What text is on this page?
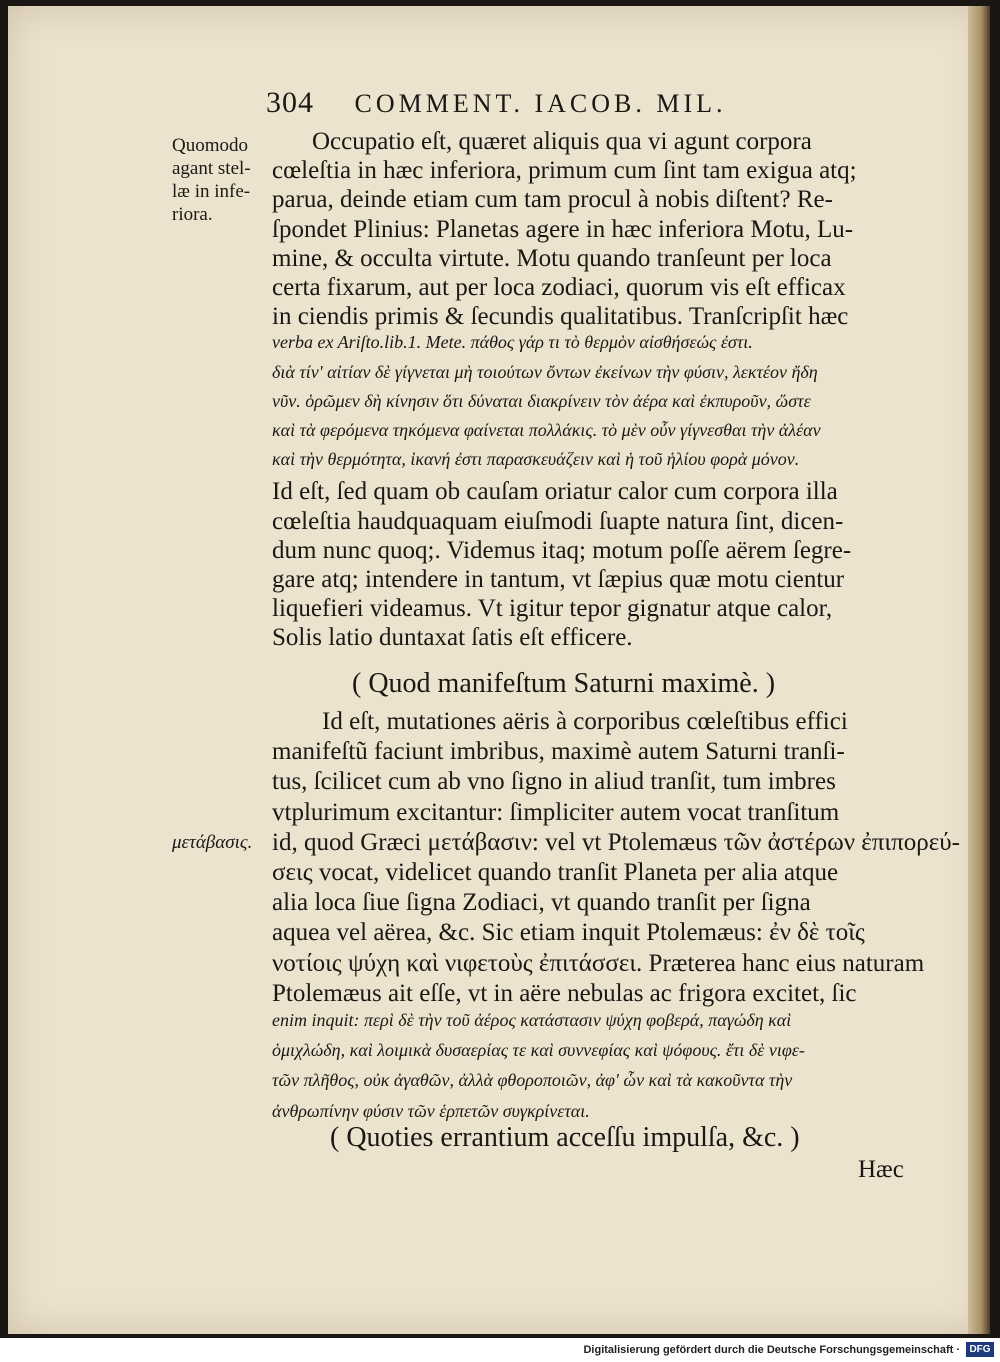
304 COMMENT. IACOB. MIL.
Quomodo
agant stel-
læ in infe-
riora.
μετάβασις.
Occupatio eſt, quæret aliquis qua vi agunt corpora
cœleſtia in hæc inferiora, primum cum ſint tam exigua atq;
parua, deinde etiam cum tam procul à nobis diſtent? Re-
ſpondet Plinius: Planetas agere in hæc inferiora Motu, Lu-
mine, & occulta virtute. Motu quando tranſeunt per loca
certa fixarum, aut per loca zodiaci, quorum vis eſt efficax
in ciendis primis & ſecundis qualitatibus. Tranſcripſit hæc
verba ex Ariſto.lib.1. Mete. πάθος γάρ τι τὸ θερμὸν αἰσθήσεώς ἐστι.
διὰ τίν' αἰτίαν δὲ γίγνεται μὴ τοιούτων ὄντων ἐκείνων τὴν φύσιν, λεκτέον ἤδη
νῦν. ὁρῶμεν δὴ κίνησιν ὅτι δύναται διακρίνειν τὸν ἀέρα καὶ ἐκπυροῦν, ὥστε
καὶ τὰ φερόμενα τηκόμενα φαίνεται πολλάκις. τὸ μὲν οὖν γίγνεσθαι τὴν ἀλέαν
καὶ τὴν θερμότητα, ἱκανή ἐστι παρασκευάζειν καὶ ἡ τοῦ ἡλίου φορὰ μόνον.
Id eſt, ſed quam ob cauſam oriatur calor cum corpora illa
cœleſtia haudquaquam eiuſmodi ſuapte natura ſint, dicen-
dum nunc quoq;. Videmus itaq; motum poſſe aërem ſegre-
gare atq; intendere in tantum, vt ſæpius quæ motu cientur
liquefieri videamus. Vt igitur tepor gignatur atque calor,
Solis latio duntaxat ſatis eſt efficere.
( Quod manifeſtum Saturni maximè. )
Id eſt, mutationes aëris à corporibus cœleſtibus effici
manifeſtũ faciunt imbribus, maximè autem Saturni tranſi-
tus, ſcilicet cum ab vno ſigno in aliud tranſit, tum imbres
vtplurimum excitantur: ſimpliciter autem vocat tranſitum
id, quod Græci μετάβασιν: vel vt Ptolemæus τῶν ἀστέρων ἐπιπορεύ-
σεις vocat, videlicet quando tranſit Planeta per alia atque
alia loca ſiue ſigna Zodiaci, vt quando tranſit per ſigna
aquea vel aërea, &c. Sic etiam inquit Ptolemæus: ἐν δὲ τοῖς
νοτίοις ψύχη καὶ νιφετοὺς ἐπιτάσσει. Præterea hanc eius naturam
Ptolemæus ait eſſe, vt in aëre nebulas ac frigora excitet, ſic
enim inquit: περὶ δὲ τὴν τοῦ ἀέρος κατάστασιν ψύχη φοβερά, παγώδη καὶ
ὁμιχλώδη, καὶ λοιμικὰ δυσαερίας τε καὶ συννεφίας καὶ ψόφους. ἔτι δὲ νιφε-
τῶν πλῆθος, οὐκ ἀγαθῶν, ἀλλὰ φθοροποιῶν, ἀφ' ὧν καὶ τὰ κακοῦντα τὴν
ἀνθρωπίνην φύσιν τῶν ἑρπετῶν συγκρίνεται.
( Quoties errantium acceſſu impulſa, &c. )
Hæc
Digitalisierung gefördert durch die Deutsche Forschungsgemeinschaft · DFG
